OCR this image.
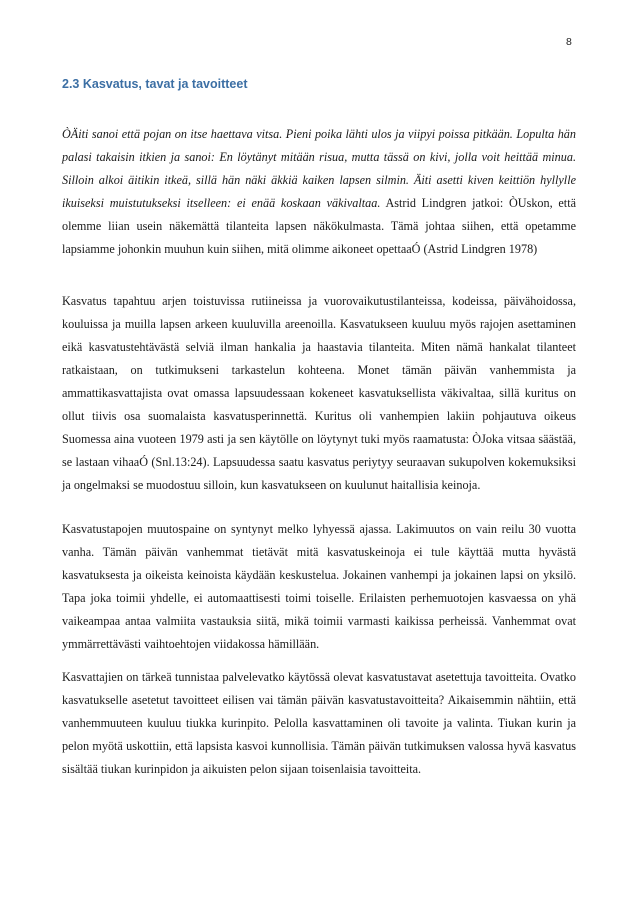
8
2.3 Kasvatus, tavat ja tavoitteet

ÒÄiti sanoi että pojan on itse haettava vitsa. Pieni poika lähti ulos ja viipyi poissa pitkään. Lopulta hän palasi takaisin itkien ja sanoi: En löytänyt mitään risua, mutta tässä on kivi, jolla voit heittää minua. Silloin alkoi äitikin itkeä, sillä hän näki äkkiä kaiken lapsen silmin. Äiti asetti kiven keittiön hyllylle ikuiseksi muistutukseksi itselleen: ei enää koskaan väkivaltaa. Astrid Lindgren jatkoi: ÒUskon, että olemme liian usein näkemättä tilanteita lapsen näkökulmasta. Tämä johtaa siihen, että opetamme lapsiamme johonkin muuhun kuin siihen, mitä olimme aikoneet opettaaÓ (Astrid Lindgren 1978)

Kasvatus tapahtuu arjen toistuvissa rutiineissa ja vuorovaikutustilanteissa, kodeissa, päivähoidossa, kouluissa ja muilla lapsen arkeen kuuluvilla areenoilla. Kasvatukseen kuuluu myös rajojen asettaminen eikä kasvatustehtävästä selviä ilman hankalia ja haastavia tilanteita. Miten nämä hankalat tilanteet ratkaistaan, on tutkimukseni tarkastelun kohteena. Monet tämän päivän vanhemmista ja ammattikasvattajista ovat omassa lapsuudessaan kokeneet kasvatuksellista väkivaltaa, sillä kuritus on ollut tiivis osa suomalaista kasvatusperinnettä. Kuritus oli vanhempien lakiin pohjautuva oikeus Suomessa aina vuoteen 1979 asti ja sen käytölle on löytynyt tuki myös raamatusta: ÒJoka vitsaa säästää, se lastaan vihaaÓ (Snl.13:24). Lapsuudessa saatu kasvatus periytyy seuraavan sukupolven kokemuksiksi ja ongelmaksi se muodostuu silloin, kun kasvatukseen on kuulunut haitallisia keinoja.

Kasvatustapojen muutospaine on syntynyt melko lyhyessä ajassa. Lakimuutos on vain reilu 30 vuotta vanha. Tämän päivän vanhemmat tietävät mitä kasvatuskeinoja ei tule käyttää mutta hyvästä kasvatuksesta ja oikeista keinoista käydään keskustelua. Jokainen vanhempi ja jokainen lapsi on yksilö. Tapa joka toimii yhdelle, ei automaattisesti toimi toiselle. Erilaisten perhemuotojen kasvaessa on yhä vaikeampaa antaa valmiita vastauksia siitä, mikä toimii varmasti kaikissa perheissä. Vanhemmat ovat ymmärrettävästi vaihtoehtojen viidakossa hämillään.

Kasvattajien on tärkeä tunnistaa palvelevatko käytössä olevat kasvatustavat asetettuja tavoitteita. Ovatko kasvatukselle asetetut tavoitteet eilisen vai tämän päivän kasvatustavoitteita? Aikaisemmin nähtiin, että vanhemmuuteen kuuluu tiukka kurinpito. Pelolla kasvattaminen oli tavoite ja valinta. Tiukan kurin ja pelon myötä uskottiin, että lapsista kasvoi kunnollisia. Tämän päivän tutkimuksen valossa hyvä kasvatus sisältää tiukan kurinpidon ja aikuisten pelon sijaan toisenlaisia tavoitteita.
